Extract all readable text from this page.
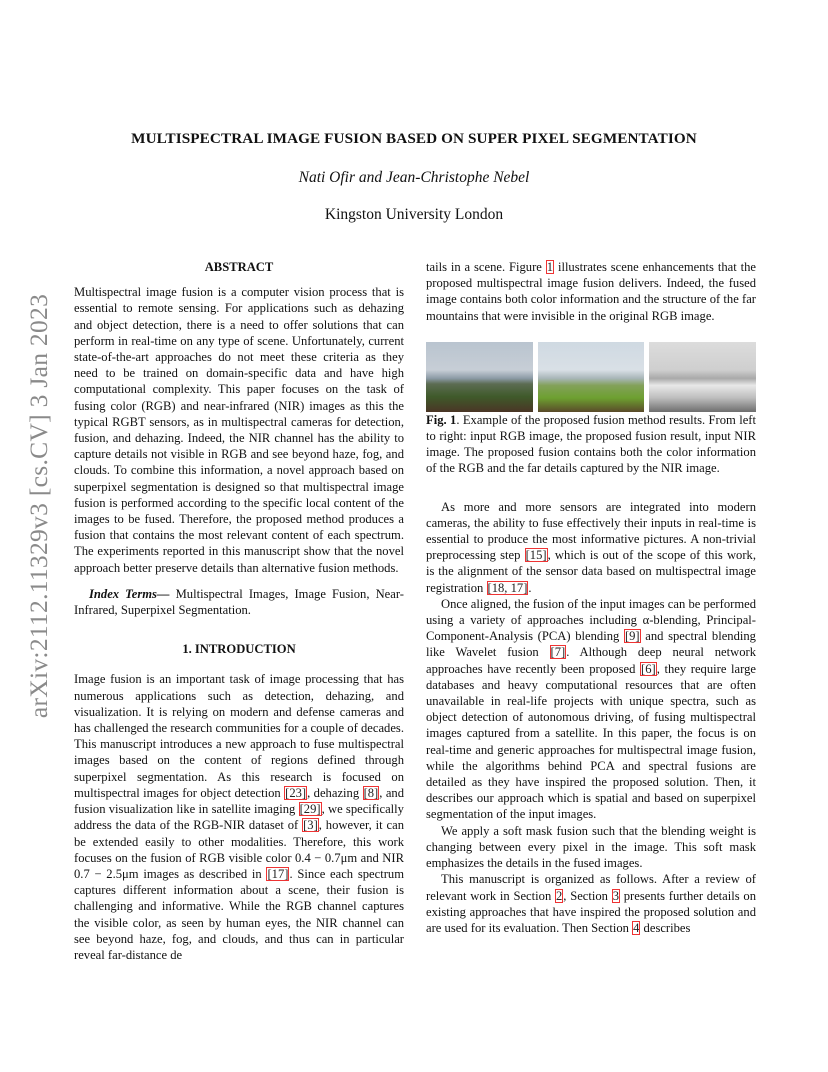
arXiv:2112.11329v3 [cs.CV] 3 Jan 2023
MULTISPECTRAL IMAGE FUSION BASED ON SUPER PIXEL SEGMENTATION
Nati Ofir and Jean-Christophe Nebel
Kingston University London

ABSTRACT

Multispectral image fusion is a computer vision process that is essential to remote sensing. For applications such as dehazing and object detection, there is a need to offer solutions that can perform in real-time on any type of scene. Unfortunately, current state-of-the-art approaches do not meet these criteria as they need to be trained on domain-specific data and have high computational complexity. This paper focuses on the task of fusing color (RGB) and near-infrared (NIR) images as this the typical RGBT sensors, as in multispectral cameras for detection, fusion, and dehazing. Indeed, the NIR channel has the ability to capture details not visible in RGB and see beyond haze, fog, and clouds. To combine this information, a novel approach based on superpixel segmentation is designed so that multispectral image fusion is performed according to the specific local content of the images to be fused. Therefore, the proposed method produces a fusion that contains the most relevant content of each spectrum. The experiments reported in this manuscript show that the novel approach better preserve details than alternative fusion methods.

Index Terms— Multispectral Images, Image Fusion, Near-Infrared, Superpixel Segmentation.

1. INTRODUCTION

Image fusion is an important task of image processing that has numerous applications such as detection, dehazing, and visualization. It is relying on modern and defense cameras and has challenged the research communities for a couple of decades. This manuscript introduces a new approach to fuse multispectral images based on the content of regions defined through superpixel segmentation. As this research is focused on multispectral images for object detection [23], dehazing [8], and fusion visualization like in satellite imaging [29], we specifically address the data of the RGB-NIR dataset of [3], however, it can be extended easily to other modalities. Therefore, this work focuses on the fusion of RGB visible color 0.4 − 0.7μm and NIR 0.7 − 2.5μm images as described in [17]. Since each spectrum captures different information about a scene, their fusion is challenging and informative. While the RGB channel captures the visible color, as seen by human eyes, the NIR channel can see beyond haze, fog, and clouds, and thus can in particular reveal far-distance de

tails in a scene. Figure 1 illustrates scene enhancements that the proposed multispectral image fusion delivers. Indeed, the fused image contains both color information and the structure of the far mountains that were invisible in the original RGB image.

Fig. 1. Example of the proposed fusion method results. From left to right: input RGB image, the proposed fusion result, input NIR image. The proposed fusion contains both the color information of the RGB and the far details captured by the NIR image.

As more and more sensors are integrated into modern cameras, the ability to fuse effectively their inputs in real-time is essential to produce the most informative pictures. A non-trivial preprocessing step [15], which is out of the scope of this work, is the alignment of the sensor data based on multispectral image registration [18, 17].

Once aligned, the fusion of the input images can be performed using a variety of approaches including α-blending, Principal-Component-Analysis (PCA) blending [9] and spectral blending like Wavelet fusion [7]. Although deep neural network approaches have recently been proposed [6], they require large databases and heavy computational resources that are often unavailable in real-life projects with unique spectra, such as object detection of autonomous driving, of fusing multispectral images captured from a satellite. In this paper, the focus is on real-time and generic approaches for multispectral image fusion, while the algorithms behind PCA and spectral fusions are detailed as they have inspired the proposed solution. Then, it describes our approach which is spatial and based on superpixel segmentation of the input images.

We apply a soft mask fusion such that the blending weight is changing between every pixel in the image. This soft mask emphasizes the details in the fused images.

This manuscript is organized as follows. After a review of relevant work in Section 2, Section 3 presents further details on existing approaches that have inspired the proposed solution and are used for its evaluation. Then Section 4 describes
